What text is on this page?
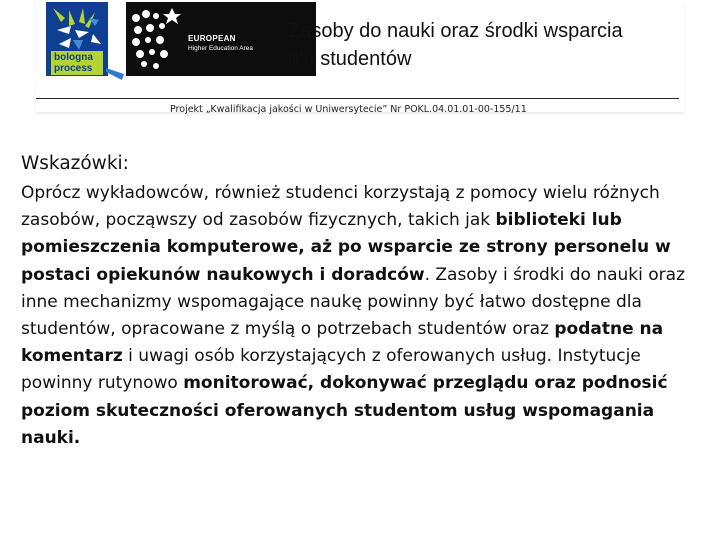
bologna
process
EUROPEAN
Higher Education Area
Zasoby do nauki oraz środki wsparcia
dla studentów
Projekt „Kwalifikacja jakości w Uniwersytecie” Nr POKL.04.01.01-00-155/11
Wskazówki:
Oprócz wykładowców, również studenci korzystają z pomocy wielu różnych zasobów, począwszy od zasobów fizycznych, takich jak biblioteki lub pomieszczenia komputerowe, aż po wsparcie ze strony personelu w postaci opiekunów naukowych i doradców. Zasoby i środki do nauki oraz inne mechanizmy wspomagające naukę powinny być łatwo dostępne dla studentów, opracowane z myślą o potrzebach studentów oraz podatne na komentarz i uwagi osób korzystających z oferowanych usług. Instytucje powinny rutynowo monitorować, dokonywać przeglądu oraz podnosić poziom skuteczności oferowanych studentom usług wspomagania nauki.
